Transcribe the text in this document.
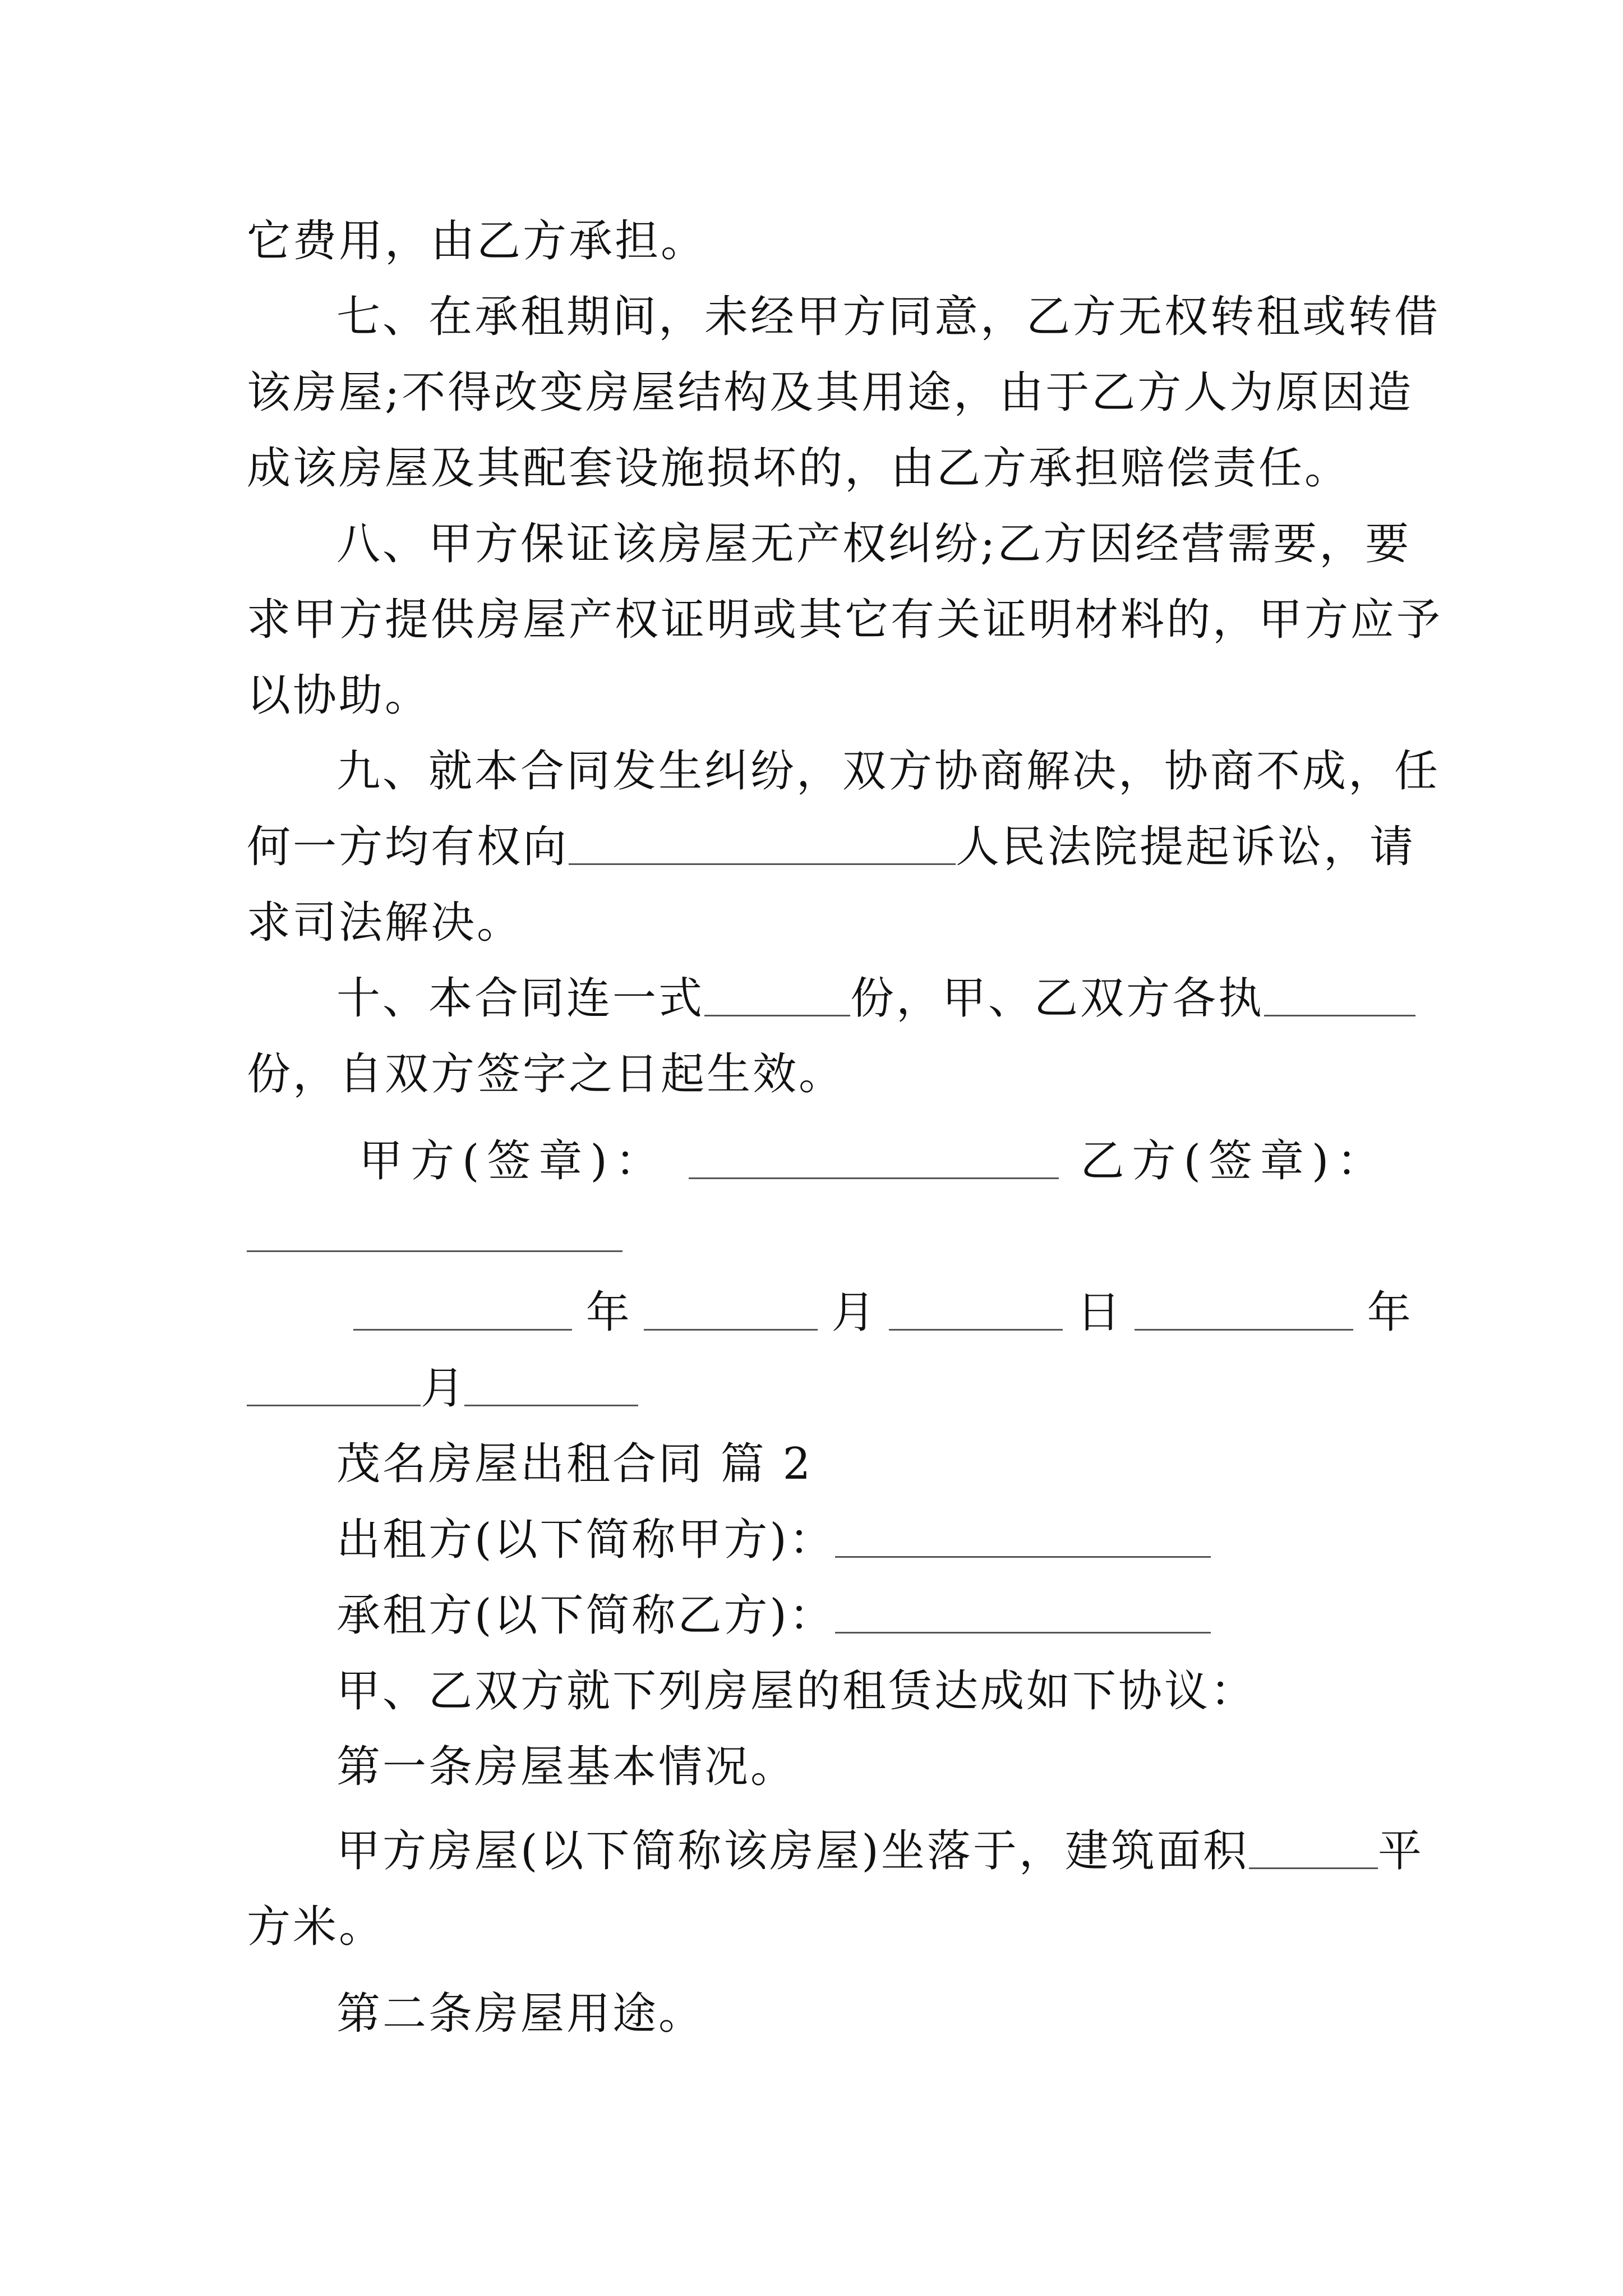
它费用，由乙方承担。
七、在承租期间，未经甲方同意，乙方无权转租或转借
该房屋;不得改变房屋结构及其用途，由于乙方人为原因造
成该房屋及其配套设施损坏的，由乙方承担赔偿责任。
八、甲方保证该房屋无产权纠纷;乙方因经营需要，要
求甲方提供房屋产权证明或其它有关证明材料的，甲方应予
以协助。
九、就本合同发生纠纷，双方协商解决，协商不成，任
何一方均有权向	人民法院提起诉讼，请
求司法解决。
十、本合同连一式	份，甲、乙双方各执
份，自双方签字之日起生效。
甲方(签章)：	乙方(签章)：
年	月	日	年
月
茂名房屋出租合同 篇 2
出租方(以下简称甲方)：
承租方(以下简称乙方)：
甲、乙双方就下列房屋的租赁达成如下协议：
第一条房屋基本情况。
甲方房屋(以下简称该房屋)坐落于，建筑面积	平
方米。
第二条房屋用途。
